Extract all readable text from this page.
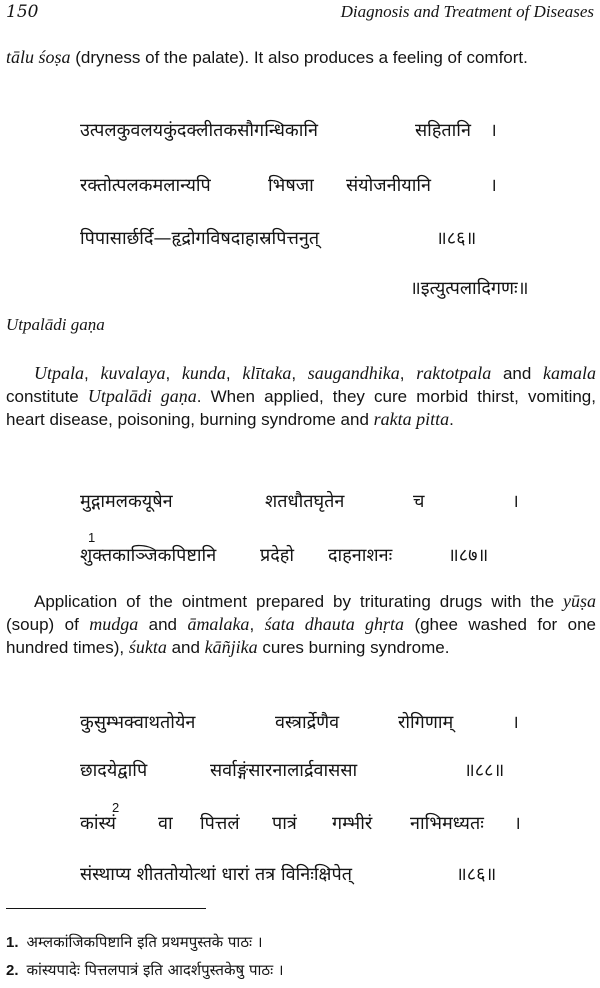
150	Diagnosis and Treatment of Diseases
tālu śoṣa (dryness of the palate). It also produces a feeling of comfort.
उत्पलकुवलयकुंदक्लीतकसौगन्धिकानि	सहितानि ।
रक्तोत्पलकमलान्यपि	भिषजा संयोजनीयानि	।
पिपासार्छर्दि—हृद्रोगविषदाहास्रपित्तनुत्	॥८६॥
॥इत्युत्पलादिगणः॥
Utpalādi gaṇa
Utpala, kuvalaya, kunda, klītaka, saugandhika, raktotpala and kamala constitute Utpalādi gaṇa. When applied, they cure morbid thirst, vomiting, heart disease, poisoning, burning syndrome and rakta pitta.
मुद्गामलकयूषेन	शतधौतघृतेन	च	।
1
शुक्तकाञ्जिकपिष्टानि प्रदेहो दाहनाशनः	॥८७॥
Application of the ointment prepared by triturating drugs with the yūṣa (soup) of mudga and āmalaka, śata dhauta ghṛta (ghee washed for one hundred times), śukta and kāñjika cures burning syndrome.
कुसुम्भक्वाथतोयेन	वस्त्रार्द्रेणैव	रोगिणाम्	।
छादयेद्वापि	सर्वाङ्गंसारनालार्द्रवाससा	॥८८॥
2
कांस्यं वा पित्तलं पात्रं गम्भीरं नाभिमध्यतः ।
संस्थाप्य शीततोयोत्थां धारां तत्र विनिःक्षिपेत्	॥८६॥
1. अम्लकांजिकपिष्टानि इति प्रथमपुस्तके पाठः ।
2. कांस्यपादेः पित्तलपात्रं इति आदर्शपुस्तकेषु पाठः ।
